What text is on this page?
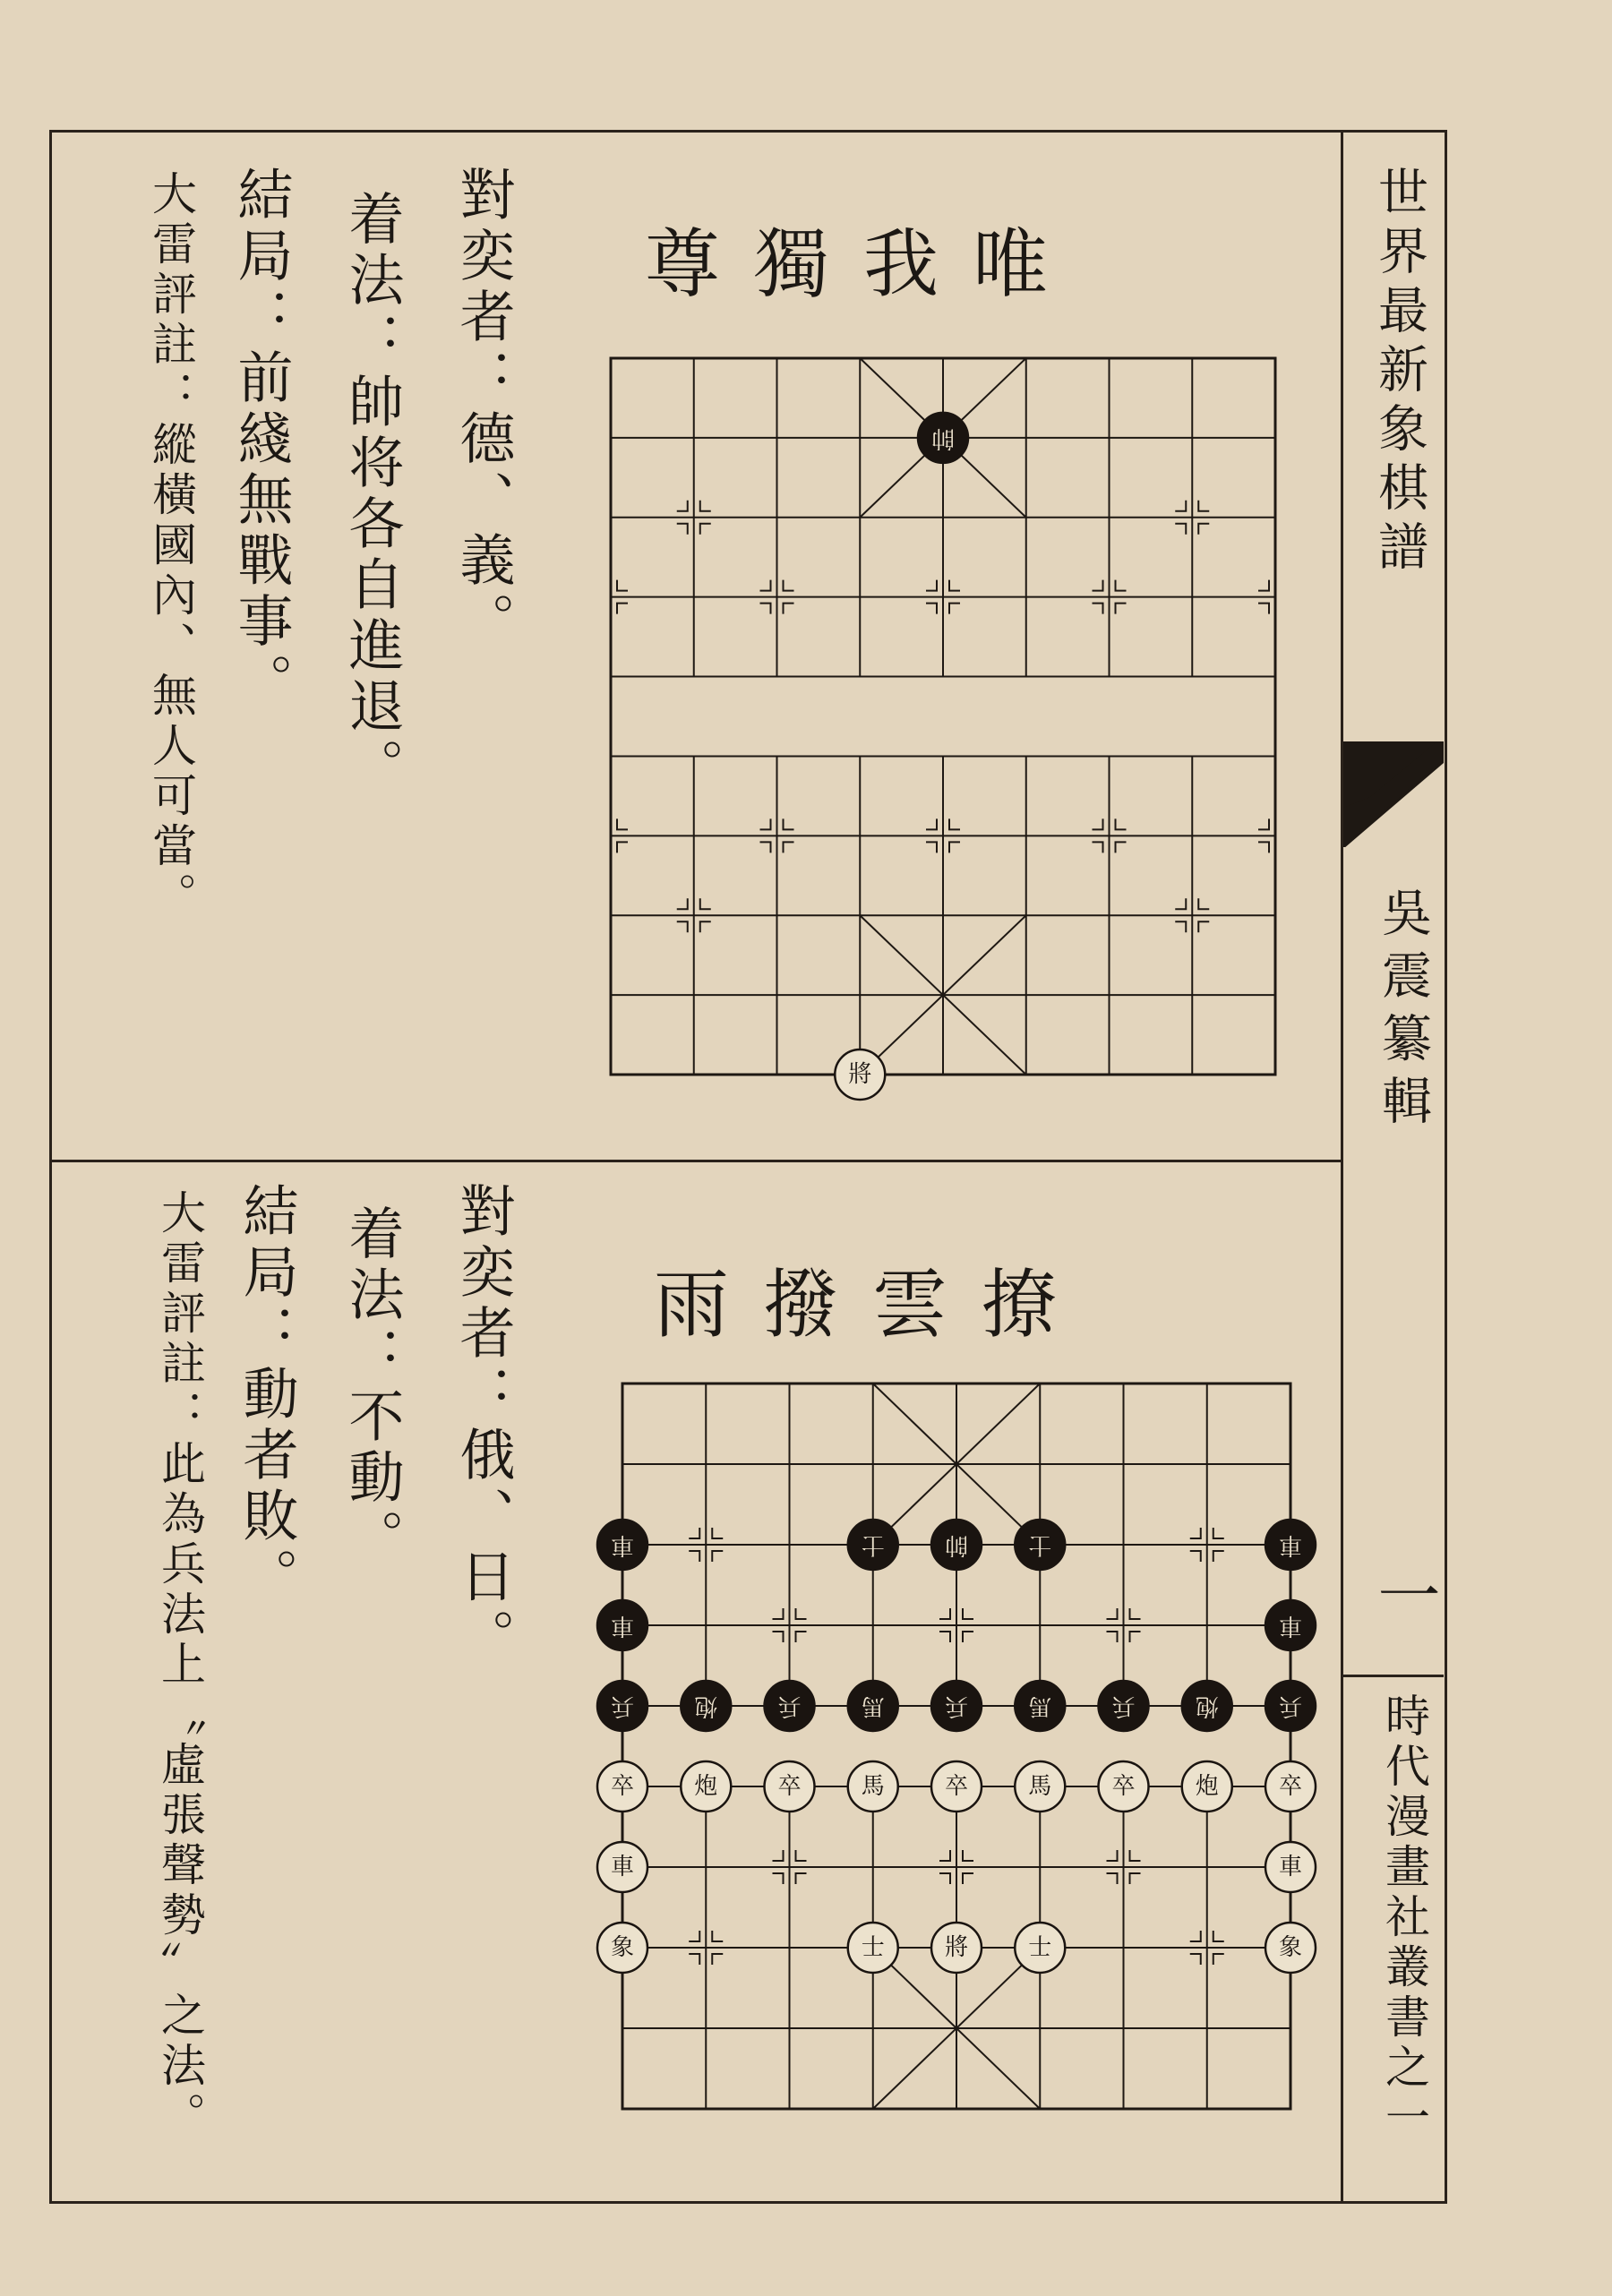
世界最新象棋譜
吳震纂輯
一
時代漫畫社叢書之一
唯我獨尊
對奕者：德、義。
着法：帥将各自進退。
結局：前綫無戰事。
大雷評註：縱橫國內、無人可當。	帥
將
撩雲撥雨
對奕者：俄、日。
着法：不動。
結局：動者敗。
大雷評註：此為兵法上〝虛張聲勢〞之法。	車	士	帥	士	車
車	車
兵	炮	兵	馬	兵	馬	兵	炮	兵
卒	炮	卒	馬	卒	馬	卒	炮	卒
車	車
象	士	將	士	象
